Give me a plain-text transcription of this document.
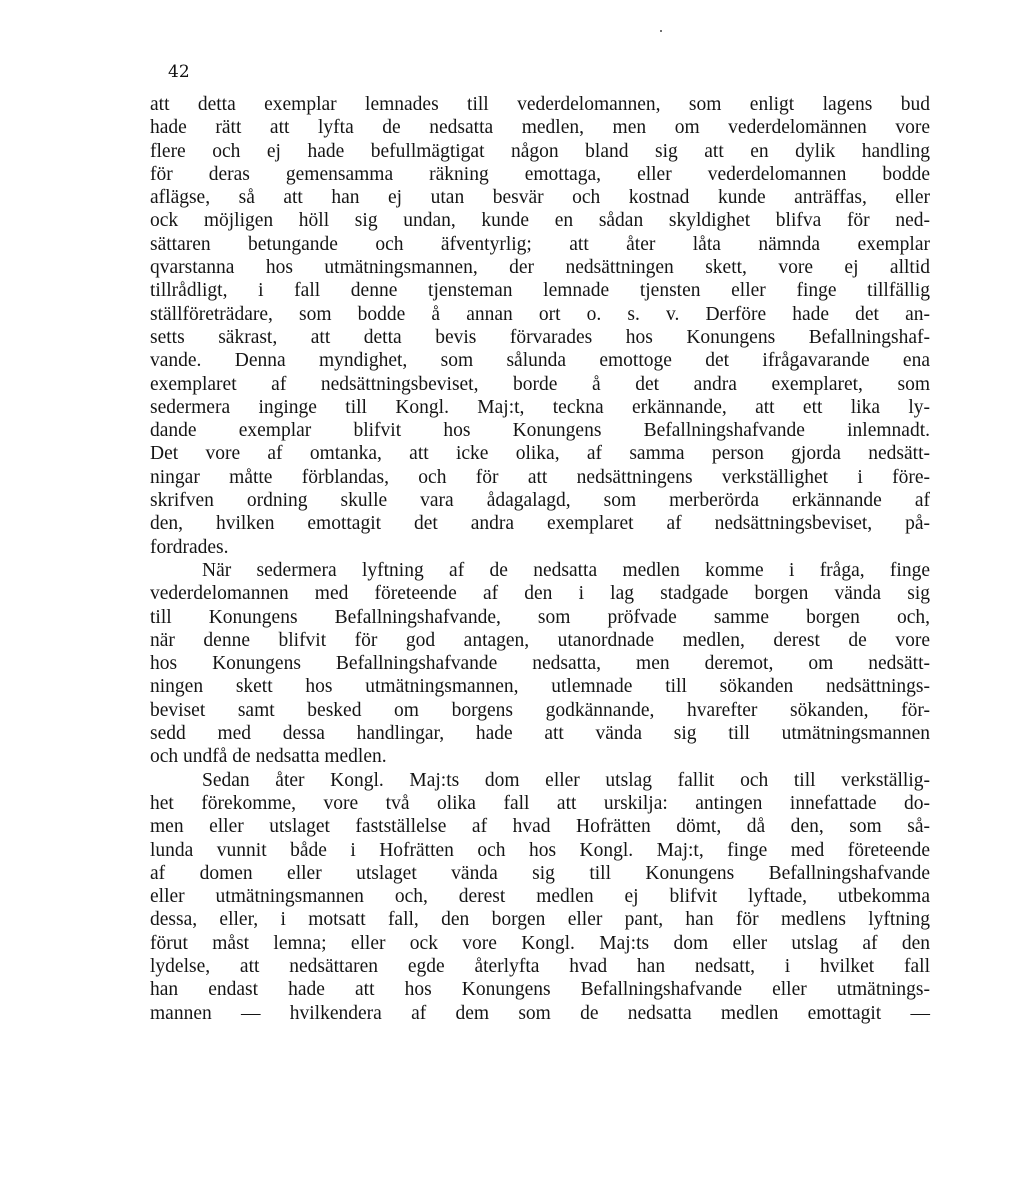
42
att detta exemplar lemnades till vederdelomannen, som enligt lagens bud
hade rätt att lyfta de nedsatta medlen, men om vederdelomännen vore
flere och ej hade befullmägtigat någon bland sig att en dylik handling
för deras gemensamma räkning emottaga, eller vederdelomannen bodde
aflägse, så att han ej utan besvär och kostnad kunde anträffas, eller
ock möjligen höll sig undan, kunde en sådan skyldighet blifva för ned-
sättaren betungande och äfventyrlig; att åter låta nämnda exemplar
qvarstanna hos utmätningsmannen, der nedsättningen skett, vore ej alltid
tillrådligt, i fall denne tjensteman lemnade tjensten eller finge tillfällig
ställföreträdare, som bodde å annan ort o. s. v. Derföre hade det an-
setts säkrast, att detta bevis förvarades hos Konungens Befallningshaf-
vande. Denna myndighet, som sålunda emottoge det ifrågavarande ena
exemplaret af nedsättningsbeviset, borde å det andra exemplaret, som
sedermera inginge till Kongl. Maj:t, teckna erkännande, att ett lika ly-
dande exemplar blifvit hos Konungens Befallningshafvande inlemnadt.
Det vore af omtanka, att icke olika, af samma person gjorda nedsätt-
ningar måtte förblandas, och för att nedsättningens verkställighet i före-
skrifven ordning skulle vara ådagalagd, som merberörda erkännande af
den, hvilken emottagit det andra exemplaret af nedsättningsbeviset, på-
fordrades.
När sedermera lyftning af de nedsatta medlen komme i fråga, finge
vederdelomannen med företeende af den i lag stadgade borgen vända sig
till Konungens Befallningshafvande, som pröfvade samme borgen och,
när denne blifvit för god antagen, utanordnade medlen, derest de vore
hos Konungens Befallningshafvande nedsatta, men deremot, om nedsätt-
ningen skett hos utmätningsmannen, utlemnade till sökanden nedsättnings-
beviset samt besked om borgens godkännande, hvarefter sökanden, för-
sedd med dessa handlingar, hade att vända sig till utmätningsmannen
och undfå de nedsatta medlen.
Sedan åter Kongl. Maj:ts dom eller utslag fallit och till verkställig-
het förekomme, vore två olika fall att urskilja: antingen innefattade do-
men eller utslaget fastställelse af hvad Hofrätten dömt, då den, som så-
lunda vunnit både i Hofrätten och hos Kongl. Maj:t, finge med företeende
af domen eller utslaget vända sig till Konungens Befallningshafvande
eller utmätningsmannen och, derest medlen ej blifvit lyftade, utbekomma
dessa, eller, i motsatt fall, den borgen eller pant, han för medlens lyftning
förut måst lemna; eller ock vore Kongl. Maj:ts dom eller utslag af den
lydelse, att nedsättaren egde återlyfta hvad han nedsatt, i hvilket fall
han endast hade att hos Konungens Befallningshafvande eller utmätnings-
mannen — hvilkendera af dem som de nedsatta medlen emottagit —
